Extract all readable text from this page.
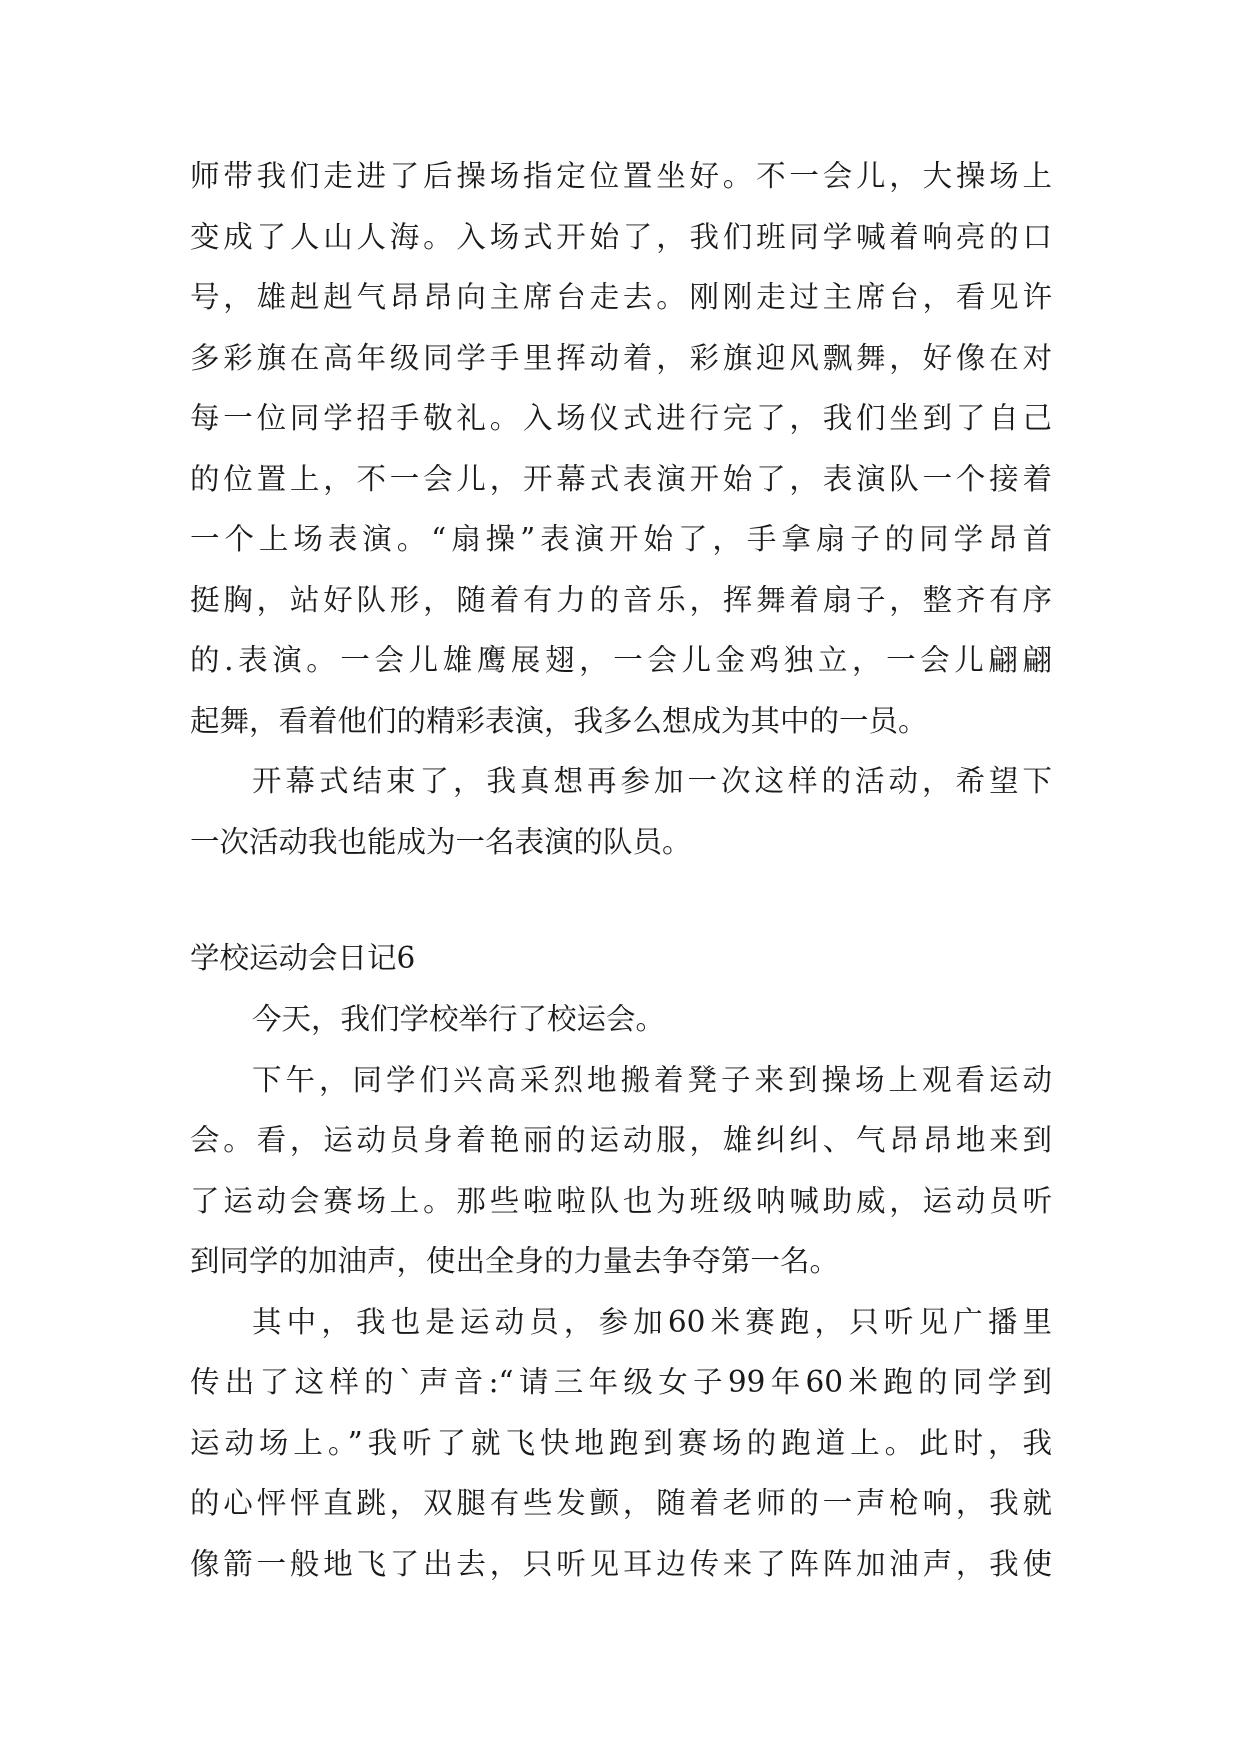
师带我们走进了后操场指定位置坐好。不一会儿，大操场上
变成了人山人海。入场式开始了，我们班同学喊着响亮的口
号，雄赳赳气昂昂向主席台走去。刚刚走过主席台，看见许
多彩旗在高年级同学手里挥动着，彩旗迎风飘舞，好像在对
每一位同学招手敬礼。入场仪式进行完了，我们坐到了自己
的位置上，不一会儿，开幕式表演开始了，表演队一个接着
一个上场表演。“扇操”表演开始了，手拿扇子的同学昂首
挺胸，站好队形，随着有力的音乐，挥舞着扇子，整齐有序
的.表演。一会儿雄鹰展翅，一会儿金鸡独立，一会儿翩翩
起舞，看着他们的精彩表演，我多么想成为其中的一员。
开幕式结束了，我真想再参加一次这样的活动，希望下
一次活动我也能成为一名表演的队员。
学校运动会日记6
今天，我们学校举行了校运会。
下午，同学们兴高采烈地搬着凳子来到操场上观看运动
会。看，运动员身着艳丽的运动服，雄纠纠、气昂昂地来到
了运动会赛场上。那些啦啦队也为班级呐喊助威，运动员听
到同学的加油声，使出全身的力量去争夺第一名。
其中，我也是运动员，参加60米赛跑，只听见广播里
传出了这样的`声音:“请三年级女子99年60米跑的同学到
运动场上。”我听了就飞快地跑到赛场的跑道上。此时，我
的心怦怦直跳，双腿有些发颤，随着老师的一声枪响，我就
像箭一般地飞了出去，只听见耳边传来了阵阵加油声，我使
